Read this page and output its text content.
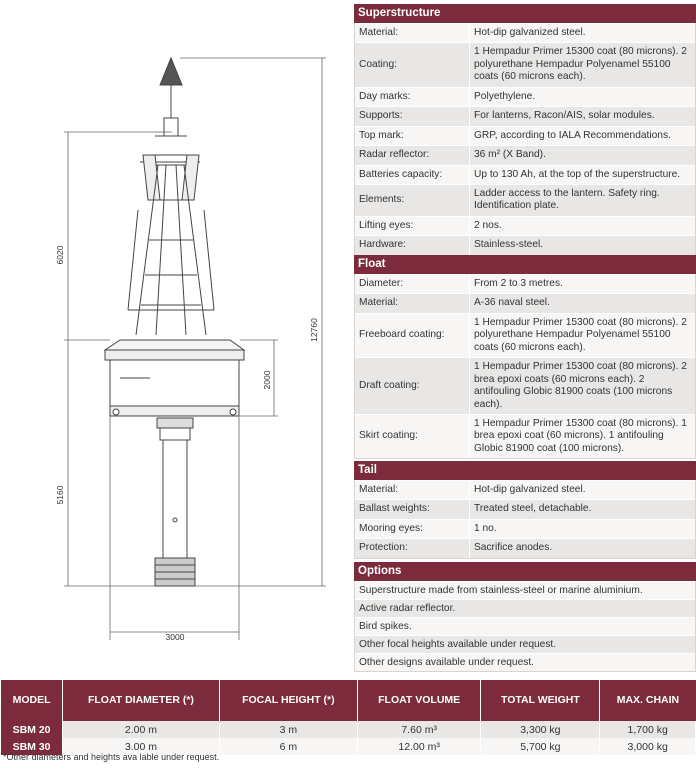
6020
12760
2000
5160
3000
Superstructure
Material:	Hot-dip galvanized steel.
Coating:
1 Hempadur Primer 15300 coat (80 microns). 2 polyurethane Hempadur Polyenamel 55100 coats (60 microns each).
Day marks:	Polyethylene.
Supports:	For lanterns, Racon/AIS, solar modules.
Top mark:	GRP, according to IALA Recommendations.
Radar reflector:	36 m² (X Band).
Batteries capacity:	Up to 130 Ah, at the top of the superstructure.
Elements:
Ladder access to the lantern. Safety ring. Identification plate.
Lifting eyes:	2 nos.
Hardware:	Stainless-steel.
Float
Diameter:	From 2 to 3 metres.
Material:	A-36 naval steel.
Freeboard coating:
1 Hempadur Primer 15300 coat (80 microns). 2 polyurethane Hempadur Polyenamel 55100 coats (60 microns each).
Draft coating:
1 Hempadur Primer 15300 coat (80 microns). 2 brea epoxi coats (60 microns each). 2 antifouling Globic 81900 coats (100 microns each).
Skirt coating:
1 Hempadur Primer 15300 coat (80 microns). 1 brea epoxi coat (60 microns). 1 antifouling Globic 81900 coat (100 microns).
Tail
Material:	Hot-dip galvanized steel.
Ballast weights:	Treated steel, detachable.
Mooring eyes:	1 no.
Protection:	Sacrifice anodes.
Options
Superstructure made from stainless-steel or marine aluminium.
Active radar reflector.
Bird spikes.
Other focal heights available under request.
Other designs available under request.
MODEL	FLOAT DIAMETER (*)	FOCAL HEIGHT (*)	FLOAT VOLUME	TOTAL WEIGHT	MAX. CHAIN
SBM 20	2.00 m	3 m	7.60 m³	3,300 kg	1,700 kg
SBM 30	3.00 m	6 m	12.00 m³	5,700 kg	3,000 kg
*Other diameters and heights ava lable under request.
